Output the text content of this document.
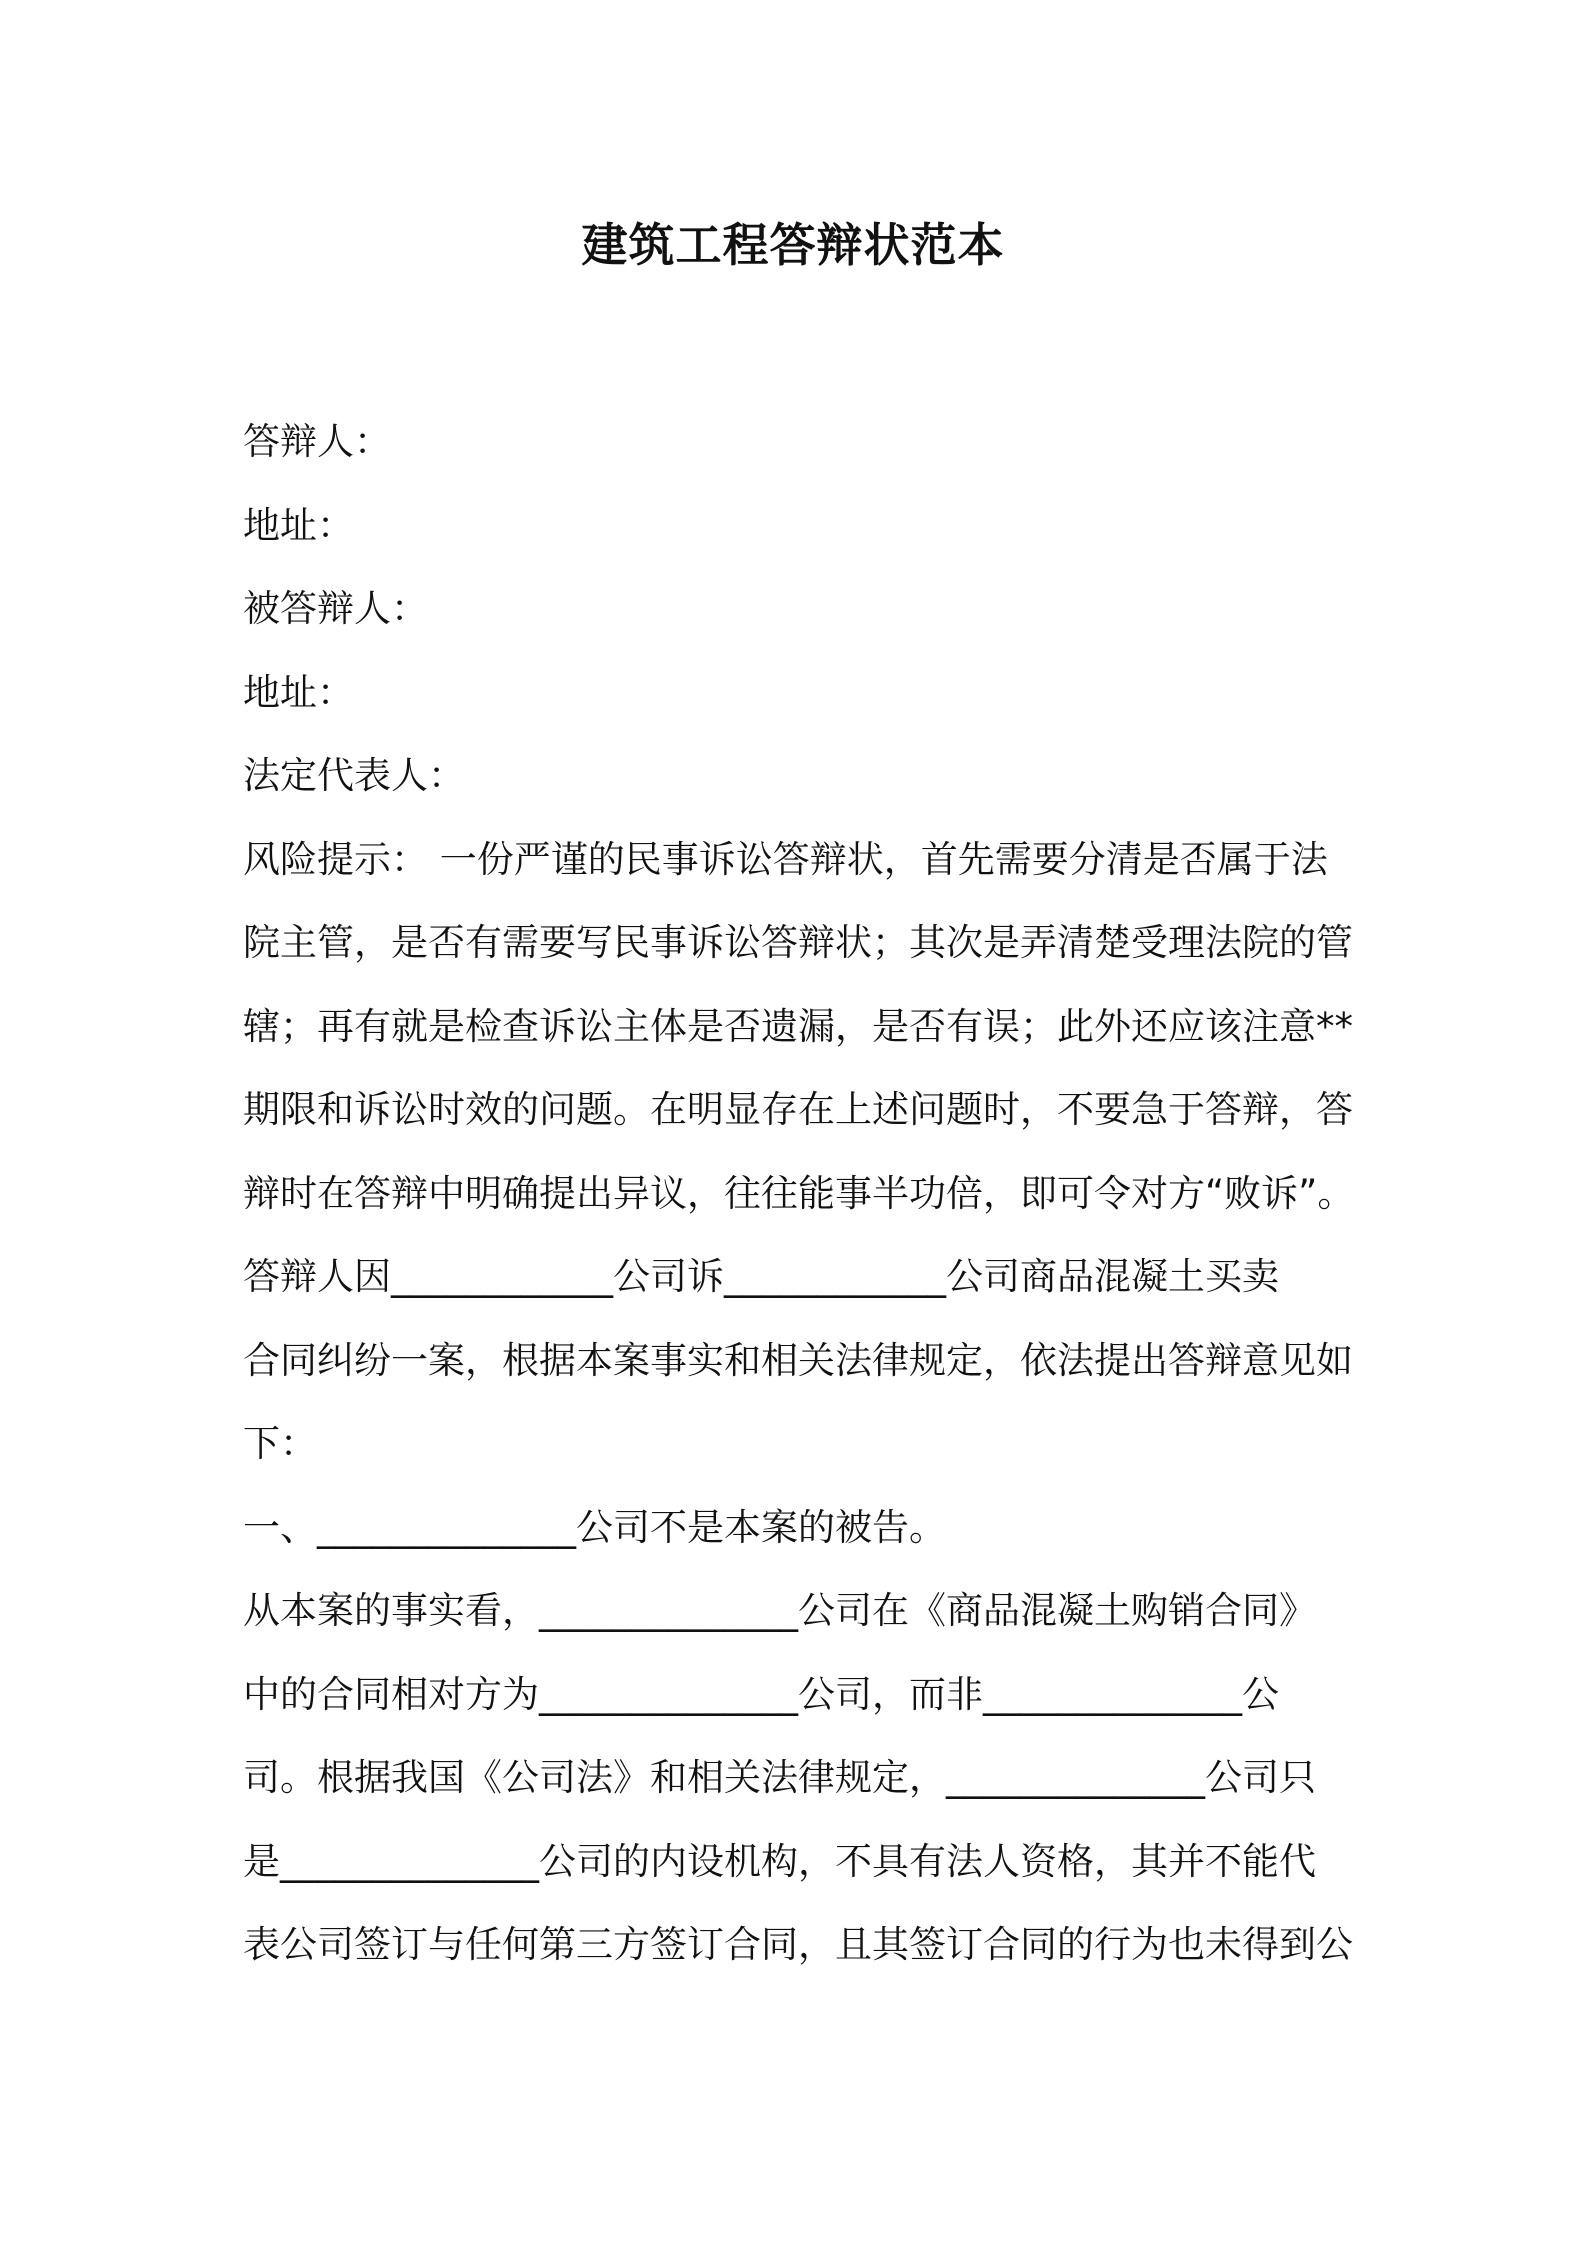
建筑工程答辩状范本
答辩人：
地址：
被答辩人：
地址：
法定代表人：
风险提示： 一份严谨的民事诉讼答辩状，首先需要分清是否属于法
院主管，是否有需要写民事诉讼答辩状；其次是弄清楚受理法院的管
辖；再有就是检查诉讼主体是否遗漏，是否有误；此外还应该注意**
期限和诉讼时效的问题。在明显存在上述问题时，不要急于答辩，答
辩时在答辩中明确提出异议，往往能事半功倍，即可令对方“败诉”。
答辩人因____________公司诉____________公司商品混凝土买卖
合同纠纷一案，根据本案事实和相关法律规定，依法提出答辩意见如
下：
一、______________公司不是本案的被告。
从本案的事实看，______________公司在《商品混凝土购销合同》
中的合同相对方为______________公司，而非______________公
司。根据我国《公司法》和相关法律规定，______________公司只
是______________公司的内设机构，不具有法人资格，其并不能代
表公司签订与任何第三方签订合同，且其签订合同的行为也未得到公
